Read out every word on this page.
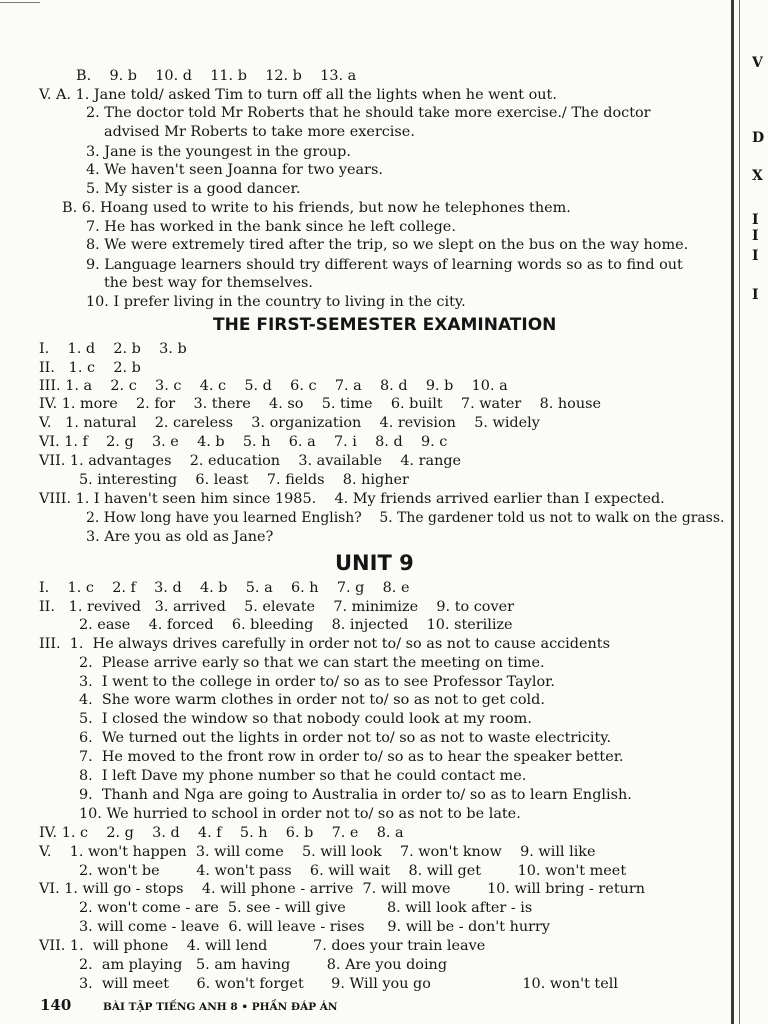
B.    9. b    10. d    11. b    12. b    13. a
V. A. 1. Jane told/ asked Tim to turn off all the lights when he went out.
2. The doctor told Mr Roberts that he should take more exercise./ The doctor
advised Mr Roberts to take more exercise.
3. Jane is the youngest in the group.
4. We haven't seen Joanna for two years.
5. My sister is a good dancer.
B. 6. Hoang used to write to his friends, but now he telephones them.
7. He has worked in the bank since he left college.
8. We were extremely tired after the trip, so we slept on the bus on the way home.
9. Language learners should try different ways of learning words so as to find out
the best way for themselves.
10. I prefer living in the country to living in the city.
I.    1. d    2. b    3. b
II.   1. c    2. b
III. 1. a    2. c    3. c    4. c    5. d    6. c    7. a    8. d    9. b    10. a
IV. 1. more    2. for    3. there    4. so    5. time    6. built    7. water    8. house
V.   1. natural    2. careless    3. organization    4. revision    5. widely
VI. 1. f    2. g    3. e    4. b    5. h    6. a    7. i    8. d    9. c
VII. 1. advantages    2. education    3. available    4. range
5. interesting    6. least    7. fields    8. higher
VIII. 1. I haven't seen him since 1985.    4. My friends arrived earlier than I expected.
2. How long have you learned English?    5. The gardener told us not to walk on the grass.
3. Are you as old as Jane?
I.    1. c    2. f    3. d    4. b    5. a    6. h    7. g    8. e
II.   1. revived   3. arrived    5. elevate    7. minimize    9. to cover
2. ease    4. forced    6. bleeding    8. injected    10. sterilize
III.  1.  He always drives carefully in order not to/ so as not to cause accidents
2.  Please arrive early so that we can start the meeting on time.
3.  I went to the college in order to/ so as to see Professor Taylor.
4.  She wore warm clothes in order not to/ so as not to get cold.
5.  I closed the window so that nobody could look at my room.
6.  We turned out the lights in order not to/ so as not to waste electricity.
7.  He moved to the front row in order to/ so as to hear the speaker better.
8.  I left Dave my phone number so that he could contact me.
9.  Thanh and Nga are going to Australia in order to/ so as to learn English.
10. We hurried to school in order not to/ so as not to be late.
IV. 1. c    2. g    3. d    4. f    5. h    6. b    7. e    8. a
V.    1. won't happen  3. will come    5. will look    7. won't know    9. will like
2. won't be        4. won't pass    6. will wait    8. will get        10. won't meet
VI. 1. will go - stops    4. will phone - arrive  7. will move        10. will bring - return
2. won't come - are  5. see - will give         8. will look after - is
3. will come - leave  6. will leave - rises     9. will be - don't hurry
VII. 1.  will phone    4. will lend          7. does your train leave
2.  am playing   5. am having        8. Are you doing
3.  will meet      6. won't forget      9. Will you go                    10. won't tell
THE FIRST-SEMESTER EXAMINATION
UNIT 9
140	BÀI TẬP TIẾNG ANH 8 • PHẦN ĐÁP ÁN
V
D
X
I
I
I
I
